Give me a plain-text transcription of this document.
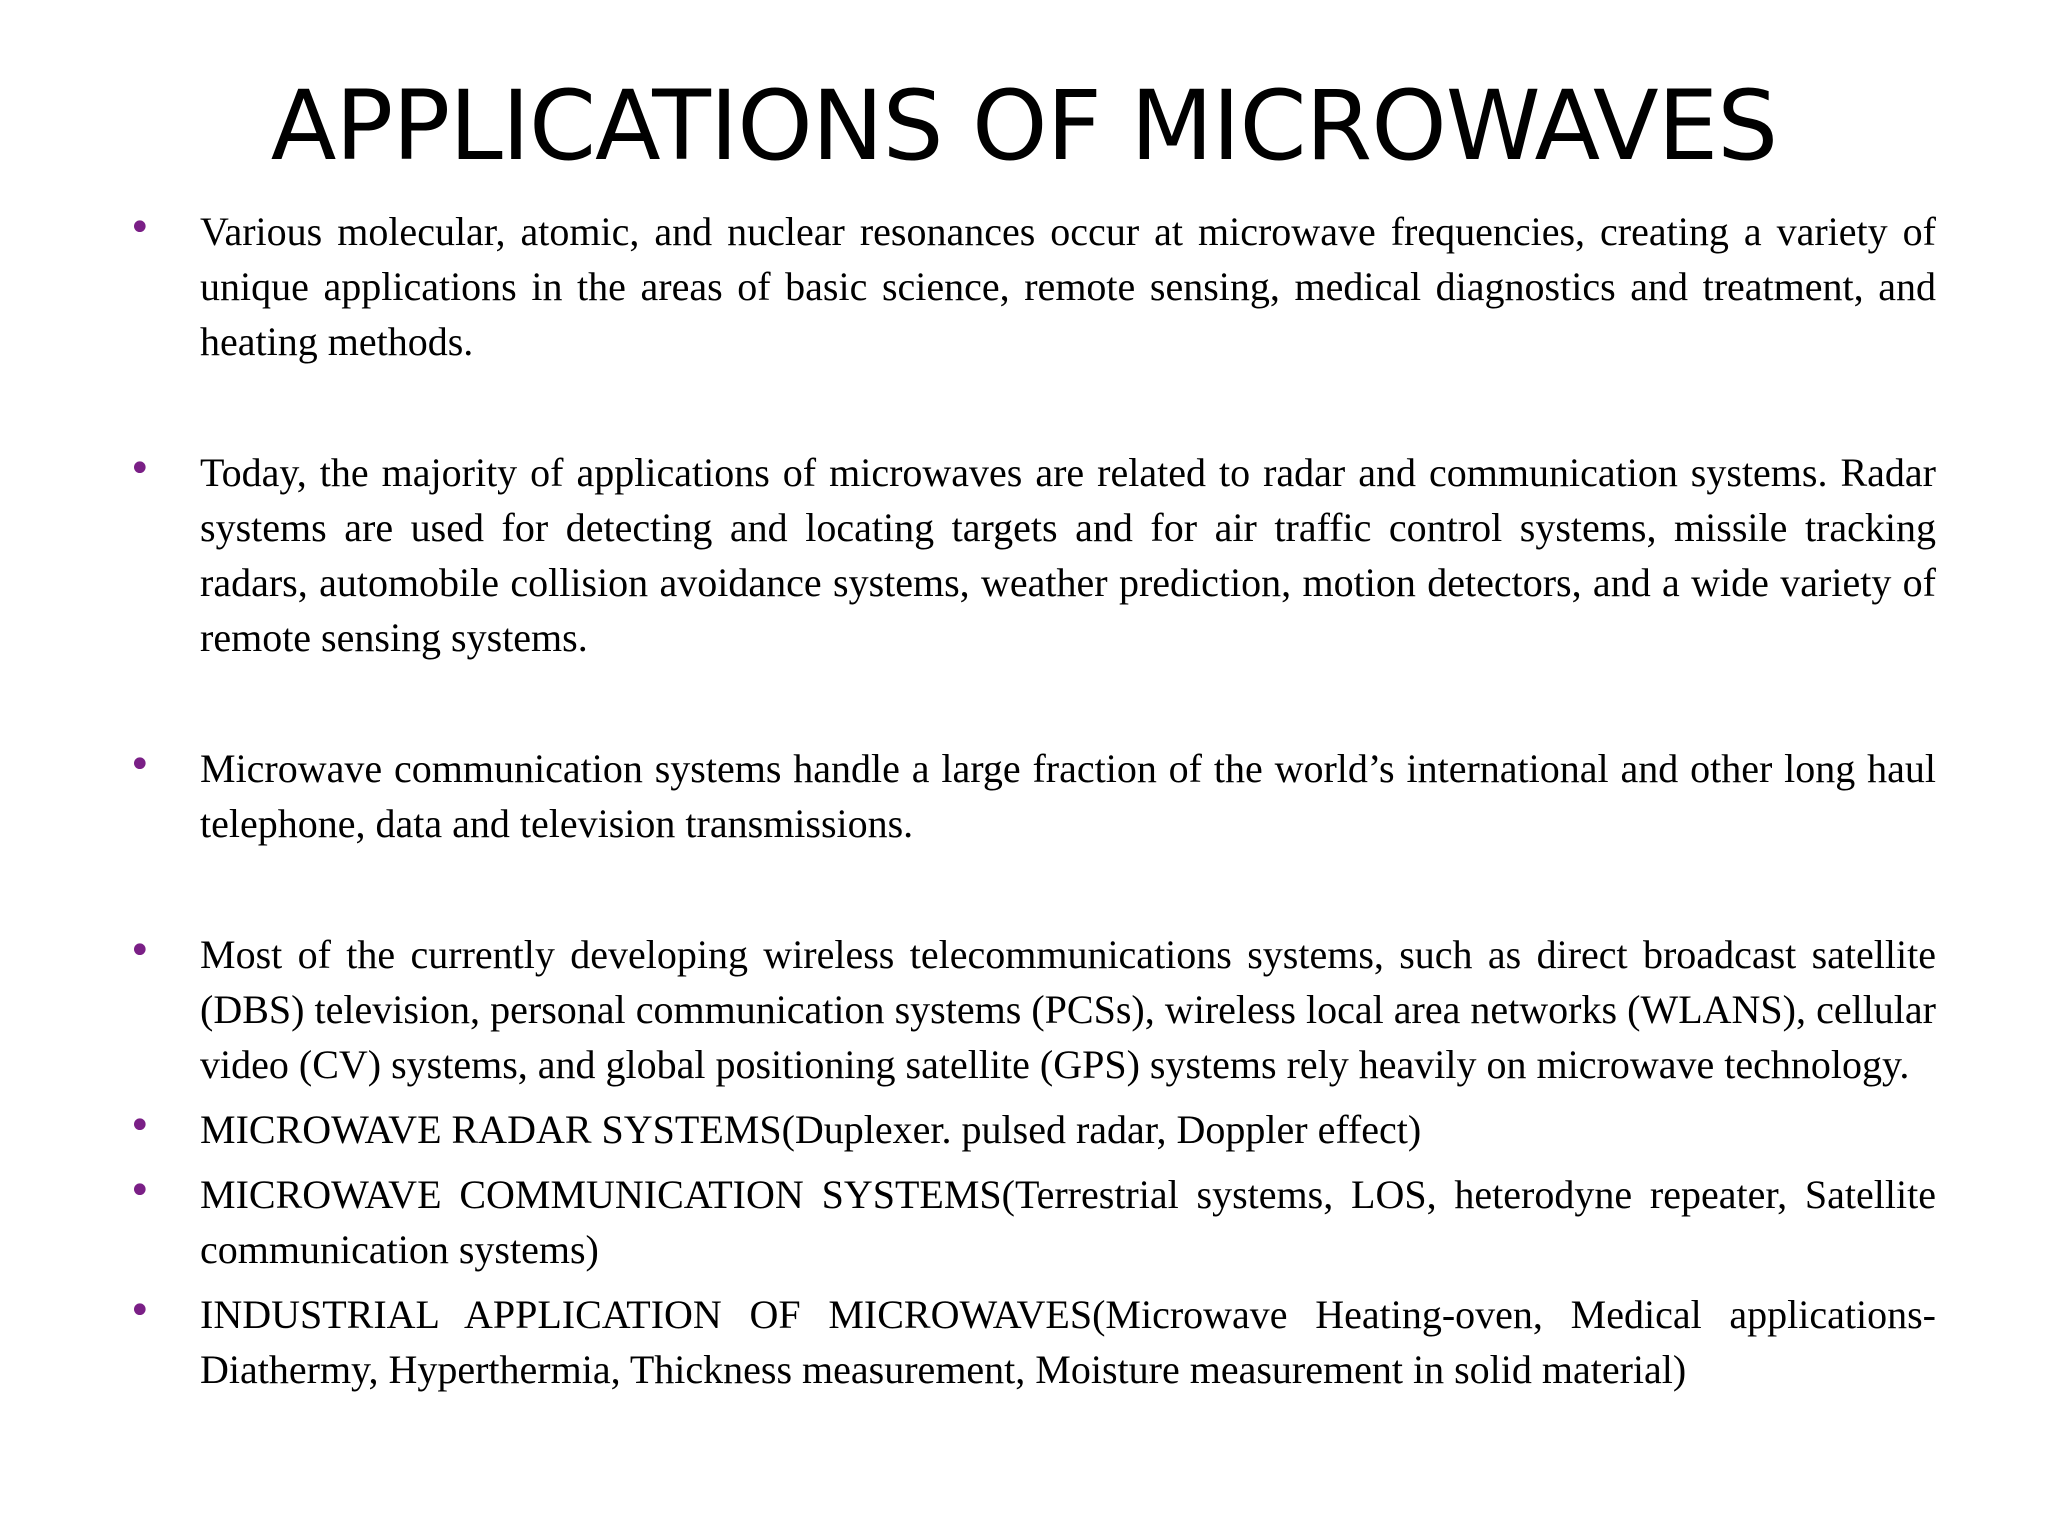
APPLICATIONS OF MICROWAVES
• Various molecular, atomic, and nuclear resonances occur at microwave frequencies, creating a variety of unique applications in the areas of basic science, remote sensing, medical diagnostics and treatment, and heating methods.
• Today, the majority of applications of microwaves are related to radar and communication systems. Radar systems are used for detecting and locating targets and for air traffic control systems, missile tracking radars, automobile collision avoidance systems, weather prediction, motion detectors, and a wide variety of remote sensing systems.
• Microwave communication systems handle a large fraction of the world’s international and other long haul telephone, data and television transmissions.
• Most of the currently developing wireless telecommunications systems, such as direct broadcast satellite (DBS) television, personal communication systems (PCSs), wireless local area networks (WLANS), cellular video (CV) systems, and global positioning satellite (GPS) systems rely heavily on microwave technology.
• MICROWAVE RADAR SYSTEMS(Duplexer. pulsed radar, Doppler effect)
• MICROWAVE COMMUNICATION SYSTEMS(Terrestrial systems, LOS, heterodyne repeater, Satellite communication systems)
• INDUSTRIAL APPLICATION OF MICROWAVES(Microwave Heating-oven, Medical applications-Diathermy, Hyperthermia, Thickness measurement, Moisture measurement in solid material)
